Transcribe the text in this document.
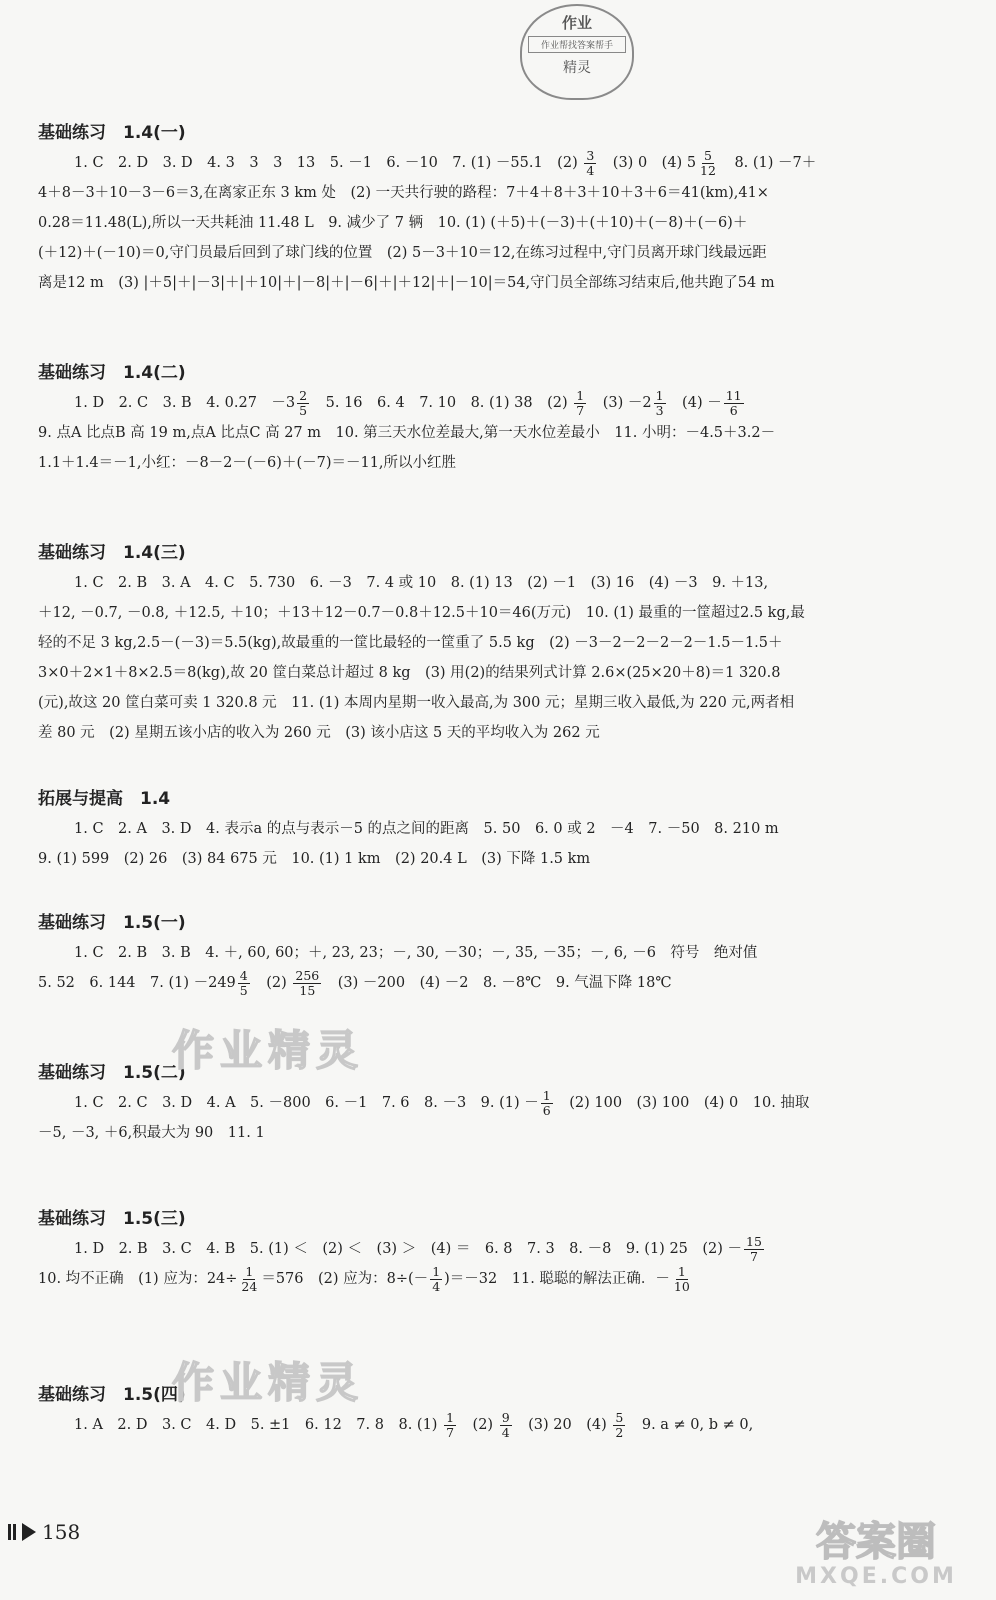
作业
作业帮找答案帮手
精灵
基础练习　1.4(一)
1. C　2. D　3. D　4. 3　3　3　13　5. －1　6. －10　7. (1) －55.1　$(2) \frac{3}{4}$ 　(3) 0　(4) $5 \frac{5}{12}$ 　8. (1) －7＋
4＋8－3＋10－3－6＝3,在离家正东 3 km 处　(2) 一天共行驶的路程：7＋4＋8＋3＋10＋3＋6＝41(km),41×
0.28＝11.48(L),所以一天共耗油 11.48 L　9. 减少了 7 辆　10. (1) (＋5)＋(－3)＋(＋10)＋(－8)＋(－6)＋
(＋12)＋(－10)＝0,守门员最后回到了球门线的位置　(2) 5－3＋10＝12,在练习过程中,守门员离开球门线最远距
离是12 m　(3) |＋5|＋|－3|＋|＋10|＋|－8|＋|－6|＋|＋12|＋|－10|＝54,守门员全部练习结束后,他共跑了54 m
基础练习　1.4(二)
1. D　2. C　3. B　4. 0.27　$-3 \frac{2}{5}$ 　5. 16　6. 4　7. 10　8. (1) 38　$(2) \frac{1}{7}$ 　$(3) -2 \frac{1}{3}$ 　$(4) - \frac{11}{6}$
9. 点A 比点B 高 19 m,点A 比点C 高 27 m　10. 第三天水位差最大,第一天水位差最小　11. 小明：－4.5＋3.2－
1.1＋1.4＝－1,小红：－8－2－(－6)＋(－7)＝－11,所以小红胜
基础练习　1.4(三)
1. C　2. B　3. A　4. C　5. 730　6. －3　7. 4 或 10　8. (1) 13　(2) －1　(3) 16　(4) －3　9. ＋13,
＋12, －0.7, －0.8, ＋12.5, ＋10；＋13＋12－0.7－0.8＋12.5＋10＝46(万元)　10. (1) 最重的一筐超过2.5 kg,最
轻的不足 3 kg,2.5－(－3)＝5.5(kg),故最重的一筐比最轻的一筐重了 5.5 kg　(2) －3－2－2－2－2－1.5－1.5＋
3×0＋2×1＋8×2.5＝8(kg),故 20 筐白菜总计超过 8 kg　(3) 用(2)的结果列式计算 2.6×(25×20＋8)＝1 320.8
(元),故这 20 筐白菜可卖 1 320.8 元　11. (1) 本周内星期一收入最高,为 300 元；星期三收入最低,为 220 元,两者相
差 80 元　(2) 星期五该小店的收入为 260 元　(3) 该小店这 5 天的平均收入为 262 元
拓展与提高　1.4
1. C　2. A　3. D　4. 表示a 的点与表示－5 的点之间的距离　5. 50　6. 0 或 2　－4　7. －50　8. 210 m
9. (1) 599　(2) 26　(3) 84 675 元　10. (1) 1 km　(2) 20.4 L　(3) 下降 1.5 km
基础练习　1.5(一)
1. C　2. B　3. B　4. ＋, 60, 60；＋, 23, 23；－, 30, －30；－, 35, －35；－, 6, －6　符号　绝对值
5. 52　6. 144　7. $(1) -249 \frac{4}{5}$ 　$(2) \frac{256}{15}$ 　(3) －200　(4) －2　8. －8℃　9. 气温下降 18℃
基础练习　1.5(二)
1. C　2. C　3. D　4. A　5. －800　6. －1　7. 6　8. －3　9. $(1) - \frac{1}{6}$ 　(2) 100　(3) 100　(4) 0　10. 抽取
－5, －3, ＋6,积最大为 90　11. 1
基础练习　1.5(三)
1. D　2. B　3. C　4. B　5. (1) ＜　(2) ＜　(3) ＞　(4) ＝　6. 8　7. 3　8. －8　9. (1) 25　$(2) - \frac{15}{7}$
10. 均不正确　(1) 应为：$24\div \frac{1}{24} =576$　(2) 应为：$8\div(- \frac{1}{4} )=-32$　11. 聪聪的解法正确．－ $\frac{1}{10}$
基础练习　1.5(四)
1. A　2. D　3. C　4. D　5. ±1　6. 12　7. 8　8. $(1) \frac{1}{7}$ 　$(2) \frac{9}{4}$ 　(3) 20　$(4) \frac{5}{2}$ 　9. a ≠ 0, b ≠ 0,
作业精灵
作业精灵
158	答案圈
MXQE.COM
